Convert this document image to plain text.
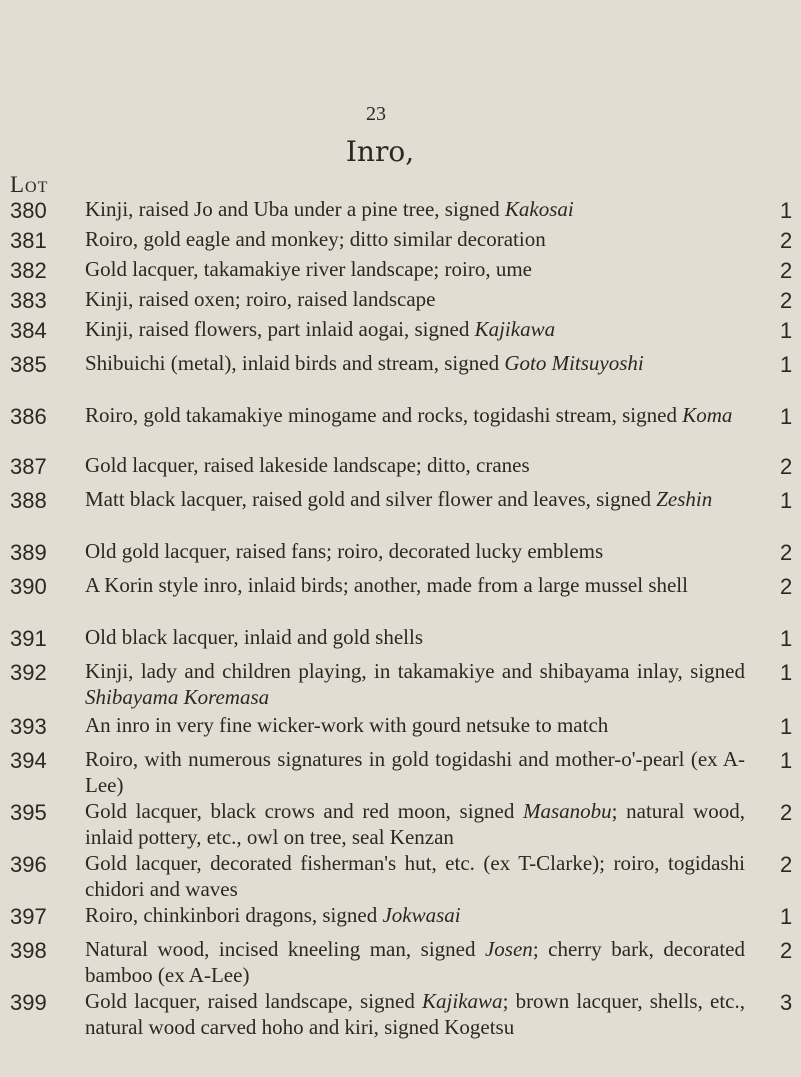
23
Inro,
Lot
380 Kinji, raised Jo and Uba under a pine tree, signed Kakosai	1
381 Roiro, gold eagle and monkey; ditto similar decoration	2
382 Gold lacquer, takamakiye river landscape; roiro, ume	2
383 Kinji, raised oxen; roiro, raised landscape	2
384 Kinji, raised flowers, part inlaid aogai, signed Kajikawa	1
385 Shibuichi (metal), inlaid birds and stream, signed Goto Mitsuyoshi	1
386 Roiro, gold takamakiye minogame and rocks, togidashi stream, signed Koma	1
387 Gold lacquer, raised lakeside landscape; ditto, cranes	2
388 Matt black lacquer, raised gold and silver flower and leaves, signed Zeshin	1
389 Old gold lacquer, raised fans; roiro, decorated lucky emblems	2
390 A Korin style inro, inlaid birds; another, made from a large mussel shell	2
391 Old black lacquer, inlaid and gold shells	1
392 Kinji, lady and children playing, in takamakiye and shibayama inlay, signed Shibayama Koremasa
1
393 An inro in very fine wicker-work with gourd netsuke to match	1
394 Roiro, with numerous signatures in gold togidashi and mother-o'-pearl (ex A-Lee)
1
395 Gold lacquer, black crows and red moon, signed Masanobu; natural wood, inlaid pottery, etc., owl on tree, seal Kenzan
2
396 Gold lacquer, decorated fisherman's hut, etc. (ex T-Clarke); roiro, togidashi chidori and waves
2
397 Roiro, chinkinbori dragons, signed Jokwasai	1
398 Natural wood, incised kneeling man, signed Josen; cherry bark, decorated bamboo (ex A-Lee)
2
399 Gold lacquer, raised landscape, signed Kajikawa; brown lacquer, shells, etc., natural wood carved hoho and kiri, signed Kogetsu
3
